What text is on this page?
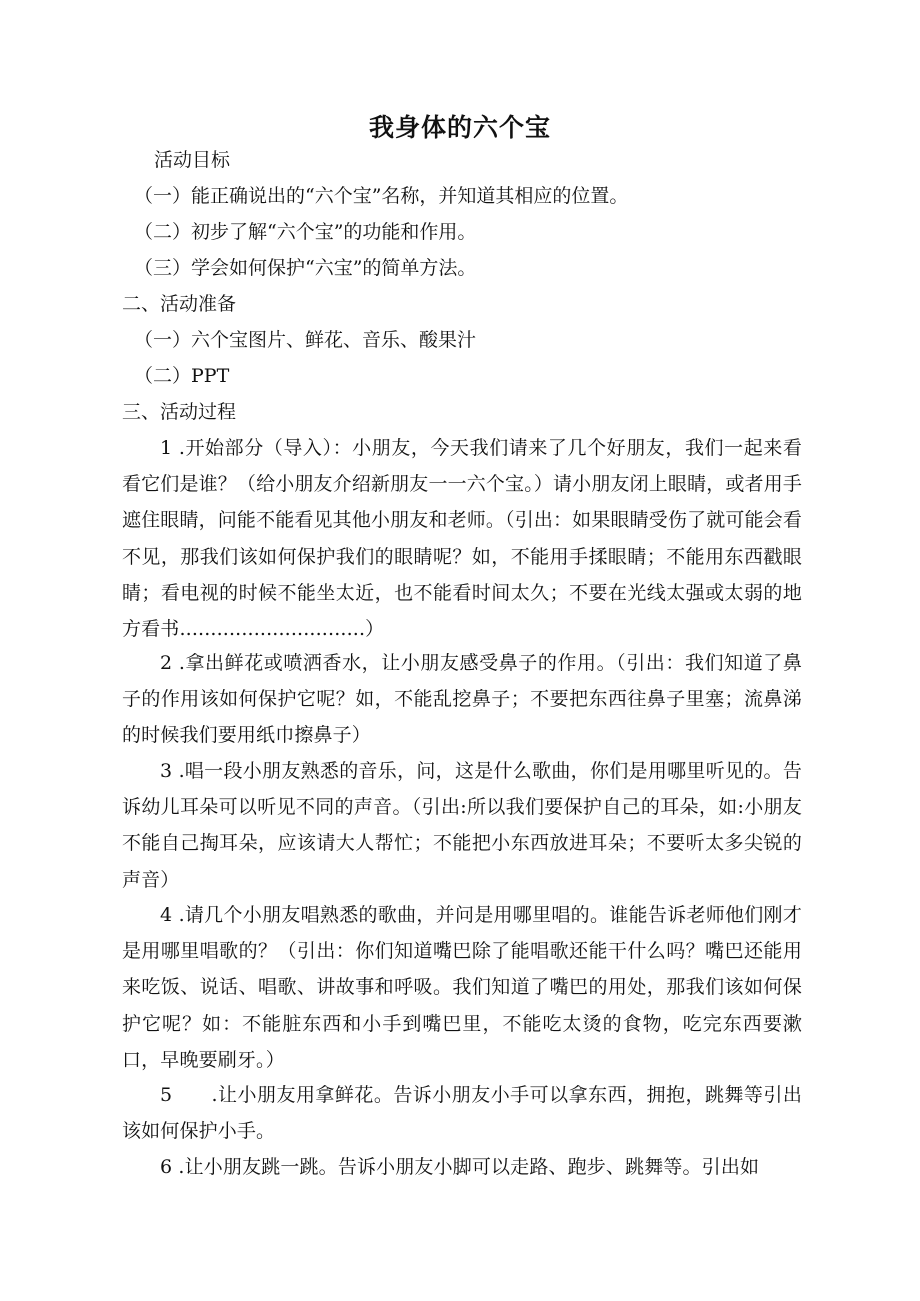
我身体的六个宝

活动目标

（一）能正确说出的“六个宝”名称，并知道其相应的位置。

（二）初步了解“六个宝”的功能和作用。

（三）学会如何保护“六宝”的简单方法。

二、活动准备

（一）六个宝图片、鲜花、音乐、酸果汁

（二）PPT

三、活动过程

1 .开始部分（导入）：小朋友，今天我们请来了几个好朋友，我们一起来看看它们是谁？（给小朋友介绍新朋友一一六个宝。）请小朋友闭上眼睛，或者用手遮住眼睛，问能不能看见其他小朋友和老师。（引出：如果眼睛受伤了就可能会看不见，那我们该如何保护我们的眼睛呢？如，不能用手揉眼睛；不能用东西戳眼睛；看电视的时候不能坐太近，也不能看时间太久；不要在光线太强或太弱的地方看书..............................）

2 .拿出鲜花或喷洒香水，让小朋友感受鼻子的作用。（引出：我们知道了鼻子的作用该如何保护它呢？如，不能乱挖鼻子；不要把东西往鼻子里塞；流鼻涕的时候我们要用纸巾擦鼻子）

3 .唱一段小朋友熟悉的音乐，问，这是什么歌曲，你们是用哪里听见的。告诉幼儿耳朵可以听见不同的声音。（引出:所以我们要保护自己的耳朵，如:小朋友不能自己掏耳朵，应该请大人帮忙；不能把小东西放进耳朵；不要听太多尖锐的声音）

4 .请几个小朋友唱熟悉的歌曲，并问是用哪里唱的。谁能告诉老师他们刚才是用哪里唱歌的？（引出：你们知道嘴巴除了能唱歌还能干什么吗？嘴巴还能用来吃饭、说话、唱歌、讲故事和呼吸。我们知道了嘴巴的用处，那我们该如何保护它呢？如：不能脏东西和小手到嘴巴里，不能吃太烫的食物，吃完东西要漱口，早晚要刷牙。）

5　　.让小朋友用拿鲜花。告诉小朋友小手可以拿东西，拥抱，跳舞等引出该如何保护小手。

6 .让小朋友跳一跳。告诉小朋友小脚可以走路、跑步、跳舞等。引出如
